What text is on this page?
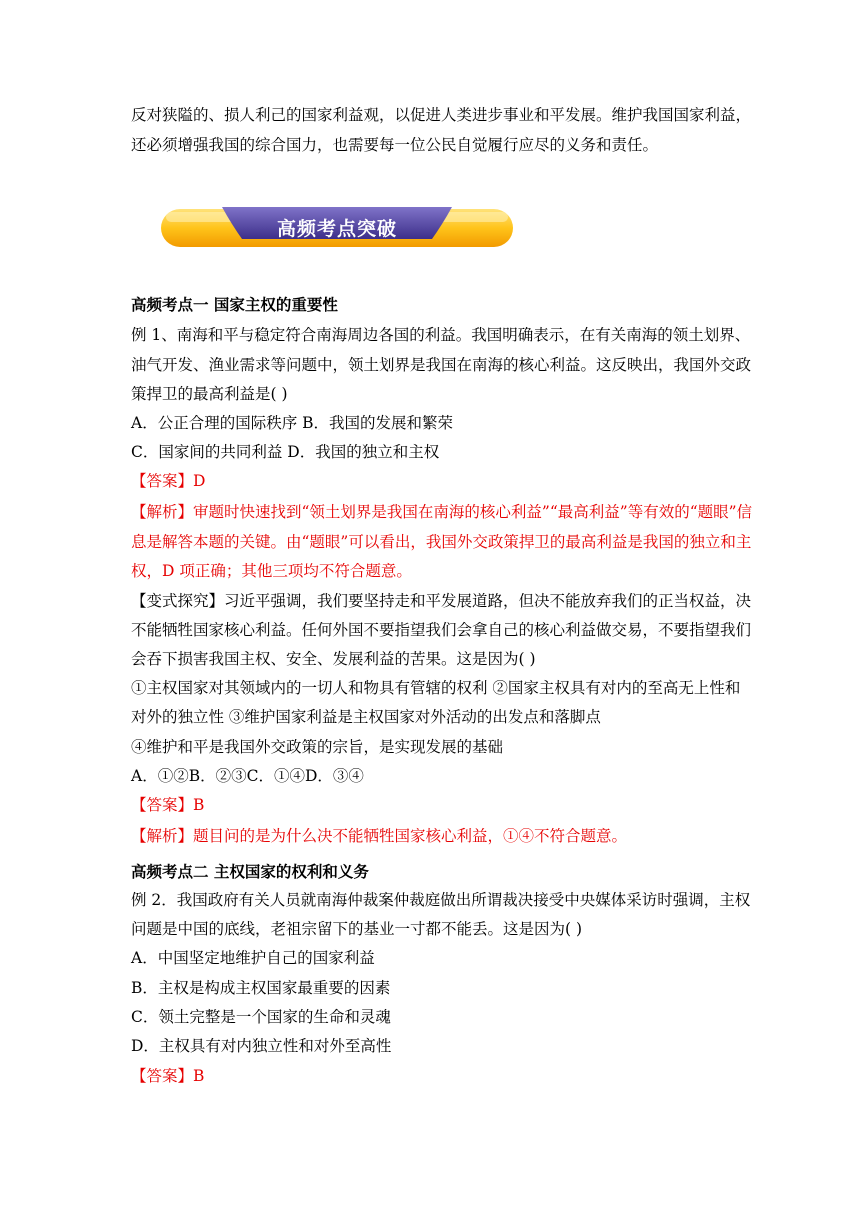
反对狭隘的、损人利己的国家利益观，以促进人类进步事业和平发展。维护我国国家利益，
还必须增强我国的综合国力，也需要每一位公民自觉履行应尽的义务和责任。
高频考点突破
高频考点一 国家主权的重要性
例 1、南海和平与稳定符合南海周边各国的利益。我国明确表示，在有关南海的领土划界、
油气开发、渔业需求等问题中，领土划界是我国在南海的核心利益。这反映出，我国外交政
策捍卫的最高利益是( )
A．公正合理的国际秩序 B．我国的发展和繁荣
C．国家间的共同利益 D．我国的独立和主权
【答案】D
【解析】审题时快速找到“领土划界是我国在南海的核心利益”“最高利益”等有效的“题眼”信
息是解答本题的关键。由“题眼”可以看出，我国外交政策捍卫的最高利益是我国的独立和主
权，D 项正确；其他三项均不符合题意。
【变式探究】习近平强调，我们要坚持走和平发展道路，但决不能放弃我们的正当权益，决
不能牺牲国家核心利益。任何外国不要指望我们会拿自己的核心利益做交易，不要指望我们
会吞下损害我国主权、安全、发展利益的苦果。这是因为( )
①主权国家对其领域内的一切人和物具有管辖的权利 ②国家主权具有对内的至高无上性和
对外的独立性 ③维护国家利益是主权国家对外活动的出发点和落脚点
④维护和平是我国外交政策的宗旨，是实现发展的基础
A．①②B．②③C．①④D．③④
【答案】B
【解析】题目问的是为什么决不能牺牲国家核心利益，①④不符合题意。
高频考点二 主权国家的权利和义务
例 2．我国政府有关人员就南海仲裁案仲裁庭做出所谓裁决接受中央媒体采访时强调，主权
问题是中国的底线，老祖宗留下的基业一寸都不能丢。这是因为( )
A．中国坚定地维护自己的国家利益
B．主权是构成主权国家最重要的因素
C．领土完整是一个国家的生命和灵魂
D．主权具有对内独立性和对外至高性
【答案】B
